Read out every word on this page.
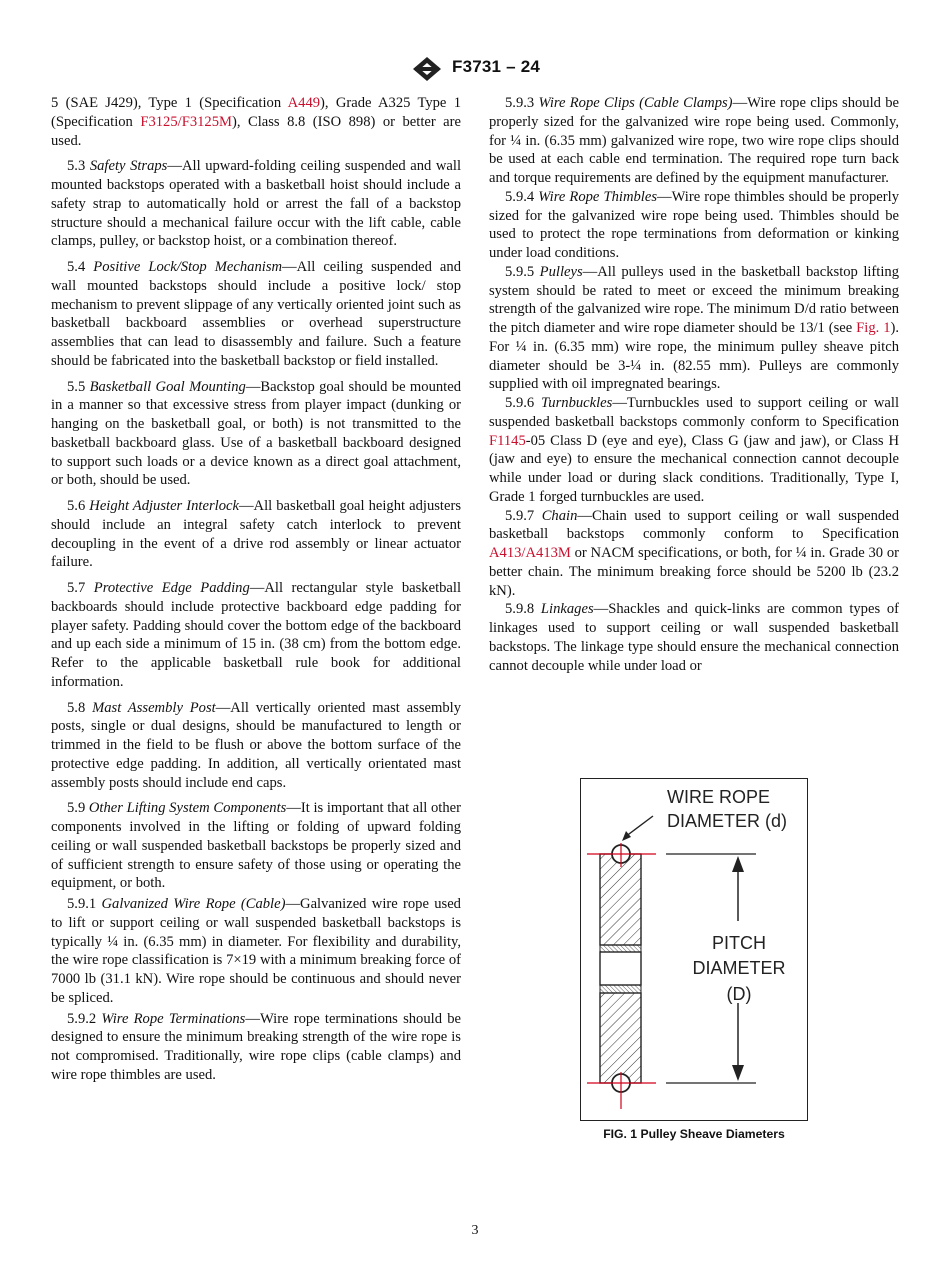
F3731 – 24

5 (SAE J429), Type 1 (Specification A449), Grade A325 Type 1 (Specification F3125/F3125M), Class 8.8 (ISO 898) or better are used.

5.3 Safety Straps—All upward-folding ceiling suspended and wall mounted backstops operated with a basketball hoist should include a safety strap to automatically hold or arrest the fall of a backstop structure should a mechanical failure occur with the lift cable, cable clamps, pulley, or backstop hoist, or a combination thereof.

5.4 Positive Lock/Stop Mechanism—All ceiling suspended and wall mounted backstops should include a positive lock/ stop mechanism to prevent slippage of any vertically oriented joint such as basketball backboard assemblies or overhead superstructure assemblies that can lead to disassembly and failure. Such a feature should be fabricated into the basketball backstop or field installed.

5.5 Basketball Goal Mounting—Backstop goal should be mounted in a manner so that excessive stress from player impact (dunking or hanging on the basketball goal, or both) is not transmitted to the basketball backboard glass. Use of a basketball backboard designed to support such loads or a device known as a direct goal attachment, or both, should be used.

5.6 Height Adjuster Interlock—All basketball goal height adjusters should include an integral safety catch interlock to prevent decoupling in the event of a drive rod assembly or linear actuator failure.

5.7 Protective Edge Padding—All rectangular style basketball backboards should include protective backboard edge padding for player safety. Padding should cover the bottom edge of the backboard and up each side a minimum of 15 in. (38 cm) from the bottom edge. Refer to the applicable basketball rule book for additional information.

5.8 Mast Assembly Post—All vertically oriented mast assembly posts, single or dual designs, should be manufactured to length or trimmed in the field to be flush or above the bottom surface of the protective edge padding. In addition, all vertically orientated mast assembly posts should include end caps.

5.9 Other Lifting System Components—It is important that all other components involved in the lifting or folding of upward folding ceiling or wall suspended basketball backstops be properly sized and of sufficient strength to ensure safety of those using or operating the equipment, or both.

5.9.1 Galvanized Wire Rope (Cable)—Galvanized wire rope used to lift or support ceiling or wall suspended basketball backstops is typically ¼ in. (6.35 mm) in diameter. For flexibility and durability, the wire rope classification is 7×19 with a minimum breaking force of 7000 lb (31.1 kN). Wire rope should be continuous and should never be spliced.

5.9.2 Wire Rope Terminations—Wire rope terminations should be designed to ensure the minimum breaking strength of the wire rope is not compromised. Traditionally, wire rope clips (cable clamps) and wire rope thimbles are used.

5.9.3 Wire Rope Clips (Cable Clamps)—Wire rope clips should be properly sized for the galvanized wire rope being used. Commonly, for ¼ in. (6.35 mm) galvanized wire rope, two wire rope clips should be used at each cable end termination. The required rope turn back and torque requirements are defined by the equipment manufacturer.

5.9.4 Wire Rope Thimbles—Wire rope thimbles should be properly sized for the galvanized wire rope being used. Thimbles should be used to protect the rope terminations from deformation or kinking under load conditions.

5.9.5 Pulleys—All pulleys used in the basketball backstop lifting system should be rated to meet or exceed the minimum breaking strength of the galvanized wire rope. The minimum D/d ratio between the pitch diameter and wire rope diameter should be 13/1 (see Fig. 1). For ¼ in. (6.35 mm) wire rope, the minimum pulley sheave pitch diameter should be 3-¼ in. (82.55 mm). Pulleys are commonly supplied with oil impregnated bearings.

5.9.6 Turnbuckles—Turnbuckles used to support ceiling or wall suspended basketball backstops commonly conform to Specification F1145-05 Class D (eye and eye), Class G (jaw and jaw), or Class H (jaw and eye) to ensure the mechanical connection cannot decouple while under load or during slack conditions. Traditionally, Type I, Grade 1 forged turnbuckles are used.

5.9.7 Chain—Chain used to support ceiling or wall suspended basketball backstops commonly conform to Specification A413/A413M or NACM specifications, or both, for ¼ in. Grade 30 or better chain. The minimum breaking force should be 5200 lb (23.2 kN).

5.9.8 Linkages—Shackles and quick-links are common types of linkages used to support ceiling or wall suspended basketball backstops. The linkage type should ensure the mechanical connection cannot decouple while under load or

WIRE ROPE
DIAMETER (d)
PITCH
DIAMETER
(D)
FIG. 1 Pulley Sheave Diameters
3
